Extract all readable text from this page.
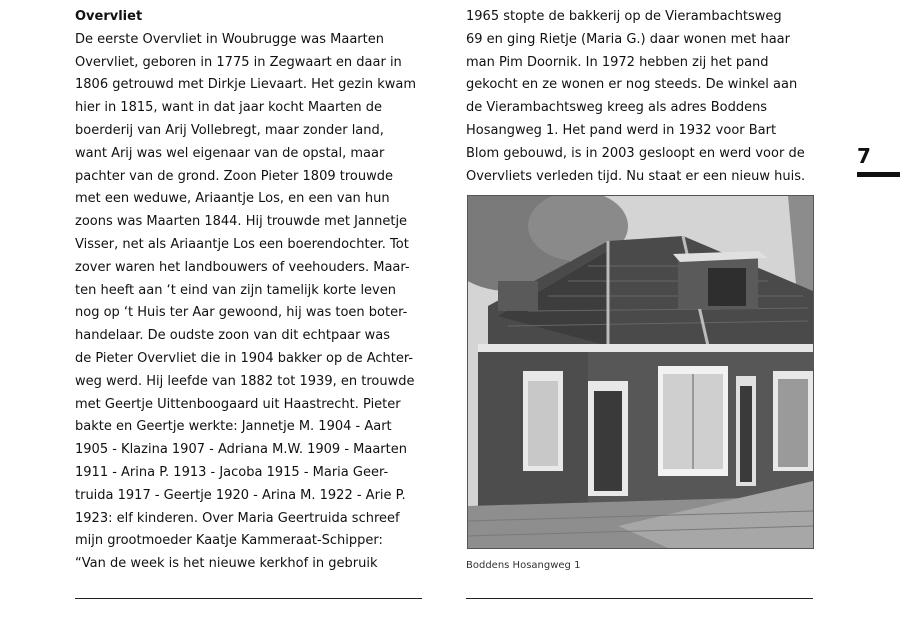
Overvliet
De eerste Overvliet in Woubrugge was Maarten
Overvliet, geboren in 1775 in Zegwaart en daar in
1806 getrouwd met Dirkje Lievaart. Het gezin kwam
hier in 1815, want in dat jaar kocht Maarten de
boerderij van Arij Vollebregt, maar zonder land,
want Arij was wel eigenaar van de opstal, maar
pachter van de grond. Zoon Pieter 1809 trouwde
met een weduwe, Ariaantje Los, en een van hun
zoons was Maarten 1844. Hij trouwde met Jannetje
Visser, net als Ariaantje Los een boerendochter. Tot
zover waren het landbouwers of veehouders. Maar-
ten heeft aan ‘t eind van zijn tamelijk korte leven
nog op ‘t Huis ter Aar gewoond, hij was toen boter-
handelaar. De oudste zoon van dit echtpaar was
de Pieter Overvliet die in 1904 bakker op de Achter-
weg werd. Hij leefde van 1882 tot 1939, en trouwde
met Geertje Uittenboogaard uit Haastrecht. Pieter
bakte en Geertje werkte: Jannetje M. 1904 - Aart
1905 - Klazina 1907 - Adriana M.W. 1909 - Maarten
1911 - Arina P. 1913 - Jacoba 1915 - Maria Geer-
truida 1917 - Geertje 1920 - Arina M. 1922 - Arie P.
1923: elf kinderen. Over Maria Geertruida schreef
mijn grootmoeder Kaatje Kammeraat-Schipper:
“Van de week is het nieuwe kerkhof in gebruik
1965 stopte de bakkerij op de Vierambachtsweg
69 en ging Rietje (Maria G.) daar wonen met haar
man Pim Doornik. In 1972 hebben zij het pand
gekocht en ze wonen er nog steeds. De winkel aan
de Vierambachtsweg kreeg als adres Boddens
Hosangweg 1. Het pand werd in 1932 voor Bart
Blom gebouwd, is in 2003 gesloopt en werd voor de
Overvliets verleden tijd. Nu staat er een nieuw huis.
7
Boddens Hosangweg 1
